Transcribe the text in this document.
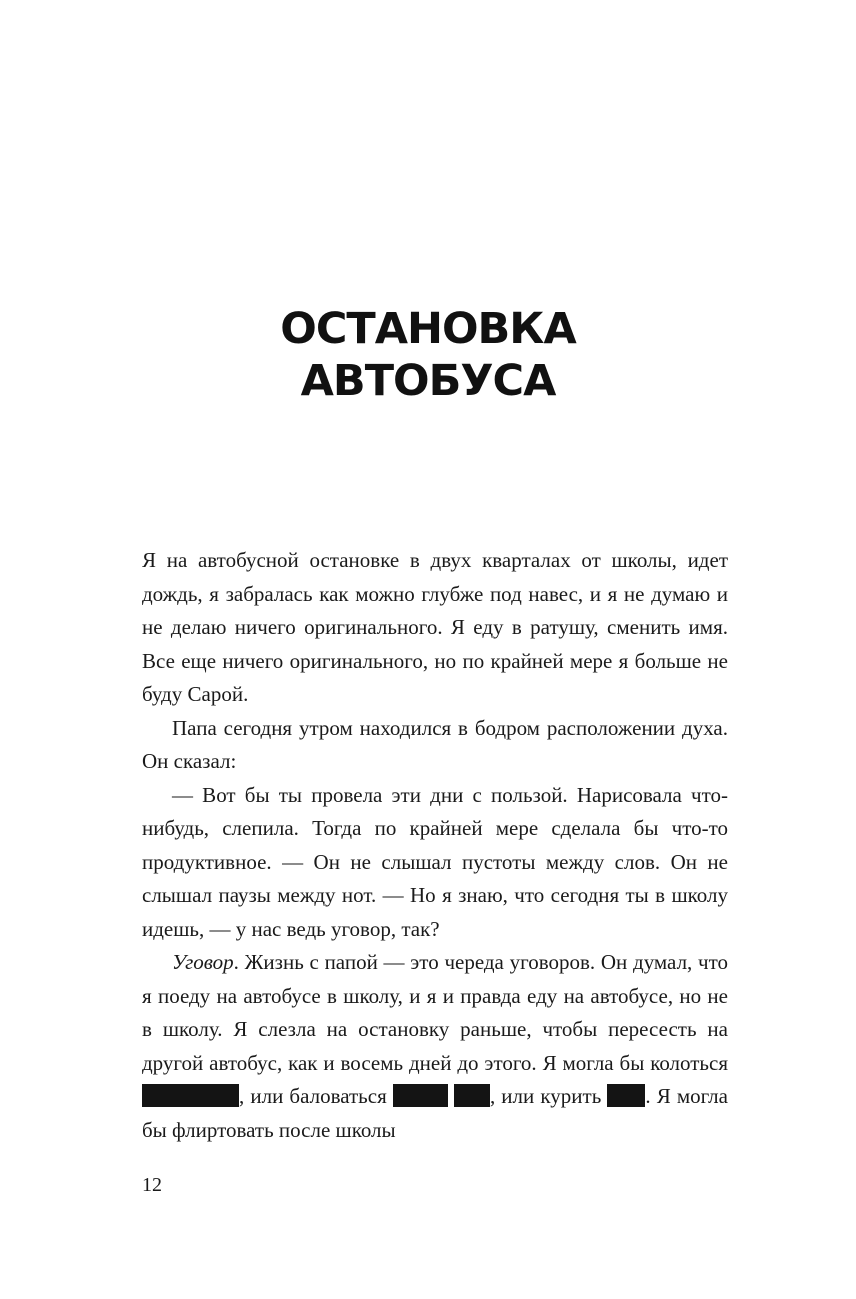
ОСТАНОВКА
АВТОБУСА

Я на автобусной остановке в двух кварталах от школы, идет дождь, я забралась как можно глубже под навес, и я не думаю и не делаю ничего оригинального. Я еду в ратушу, сменить имя. Все еще ничего оригинального, но по крайней мере я больше не буду Сарой.

Папа сегодня утром находился в бодром расположении духа. Он сказал:

— Вот бы ты провела эти дни с пользой. Нарисовала что-нибудь, слепила. Тогда по крайней мере сделала бы что-то продуктивное. — Он не слышал пустоты между слов. Он не слышал паузы между нот. — Но я знаю, что сегодня ты в школу идешь, — у нас ведь уговор, так?

Уговор. Жизнь с папой — это череда уговоров. Он думал, что я поеду на автобусе в школу, и я и правда еду на автобусе, но не в школу. Я слезла на остановку раньше, чтобы пересесть на другой автобус, как и восемь дней до этого. Я могла бы колоться , или баловаться	, или курить . Я могла бы флиртовать после школы

12
